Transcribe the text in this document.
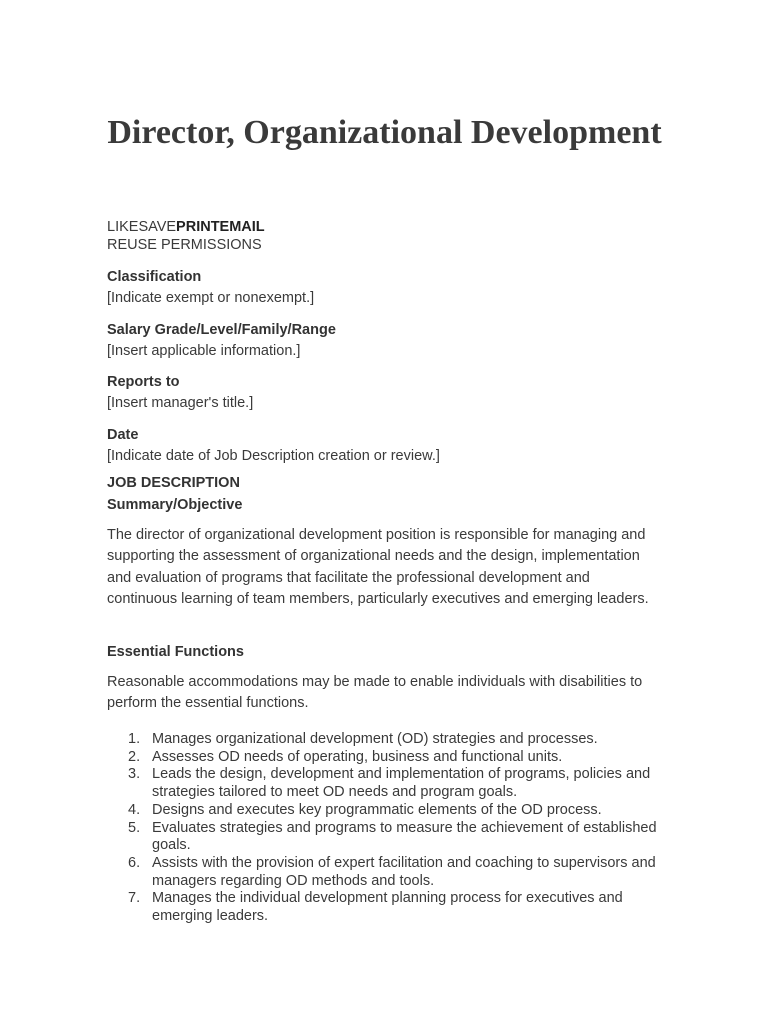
Director, Organizational Development
LIKESAVEPRINTEMAIL
REUSE PERMISSIONS

Classification

[Indicate exempt or nonexempt.]

Salary Grade/Level/Family/Range

[Insert applicable information.]

Reports to

[Insert manager's title.]

Date

[Indicate date of Job Description creation or review.]

JOB DESCRIPTION

Summary/Objective

The director of organizational development position is responsible for managing and supporting the assessment of organizational needs and the design, implementation and evaluation of programs that facilitate the professional development and continuous learning of team members, particularly executives and emerging leaders.

Essential Functions

Reasonable accommodations may be made to enable individuals with disabilities to perform the essential functions.

1. Manages organizational development (OD) strategies and processes.
2. Assesses OD needs of operating, business and functional units.
3. Leads the design, development and implementation of programs, policies and strategies tailored to meet OD needs and program goals.
4. Designs and executes key programmatic elements of the OD process.
5. Evaluates strategies and programs to measure the achievement of established goals.
6. Assists with the provision of expert facilitation and coaching to supervisors and managers regarding OD methods and tools.
7. Manages the individual development planning process for executives and emerging leaders.
